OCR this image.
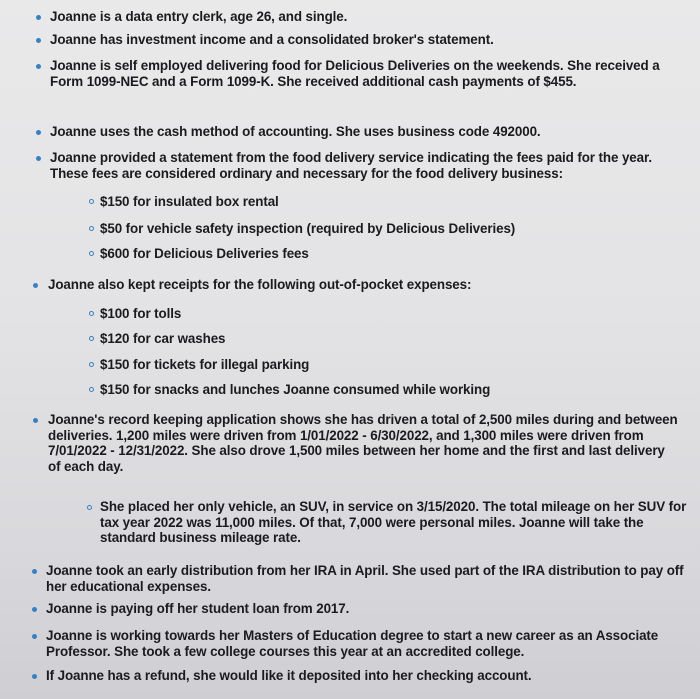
Joanne is a data entry clerk, age 26, and single.
Joanne has investment income and a consolidated broker's statement.
Joanne is self employed delivering food for Delicious Deliveries on the weekends. She received a Form 1099-NEC and a Form 1099-K. She received additional cash payments of $455.
Joanne uses the cash method of accounting. She uses business code 492000.
Joanne provided a statement from the food delivery service indicating the fees paid for the year. These fees are considered ordinary and necessary for the food delivery business:
$150 for insulated box rental
$50 for vehicle safety inspection (required by Delicious Deliveries)
$600 for Delicious Deliveries fees
Joanne also kept receipts for the following out-of-pocket expenses:
$100 for tolls
$120 for car washes
$150 for tickets for illegal parking
$150 for snacks and lunches Joanne consumed while working
Joanne's record keeping application shows she has driven a total of 2,500 miles during and between deliveries. 1,200 miles were driven from 1/01/2022 - 6/30/2022, and 1,300 miles were driven from 7/01/2022 - 12/31/2022. She also drove 1,500 miles between her home and the first and last delivery of each day.
She placed her only vehicle, an SUV, in service on 3/15/2020. The total mileage on her SUV for tax year 2022 was 11,000 miles. Of that, 7,000 were personal miles. Joanne will take the standard business mileage rate.
Joanne took an early distribution from her IRA in April. She used part of the IRA distribution to pay off her educational expenses.
Joanne is paying off her student loan from 2017.
Joanne is working towards her Masters of Education degree to start a new career as an Associate Professor. She took a few college courses this year at an accredited college.
If Joanne has a refund, she would like it deposited into her checking account.
